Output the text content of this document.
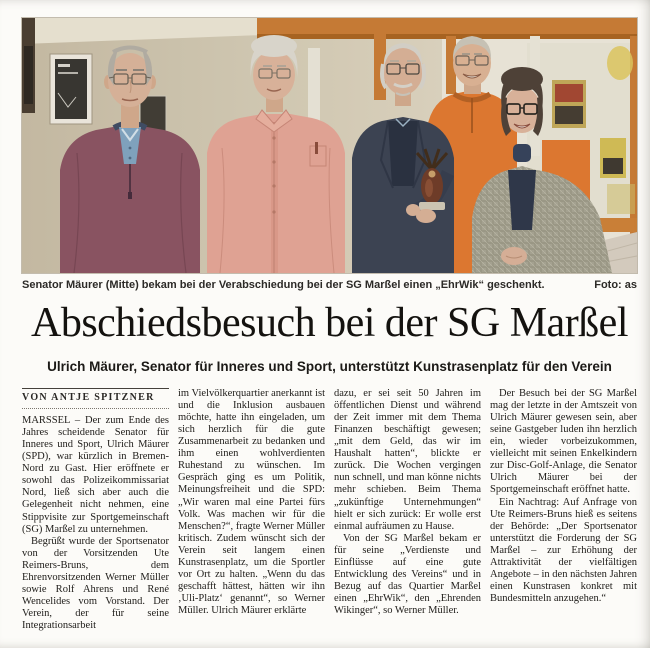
Senator Mäurer (Mitte) bekam bei der Verabschiedung bei der SG Marßel einen „EhrWik“ geschenkt.	Foto: as
Abschiedsbesuch bei der SG Marßel
Ulrich Mäurer, Senator für Inneres und Sport, unterstützt Kunstrasenplatz für den Verein
VON ANTJE SPITZNER

MARSSEL – Der zum Ende des Jahres scheidende Senator für Inneres und Sport, Ulrich Mäurer (SPD), war kürzlich in Bremen-Nord zu Gast. Hier eröffnete er sowohl das Polizeikommissariat Nord, ließ sich aber auch die Gelegenheit nicht nehmen, eine Stippvisite zur Sportgemeinschaft (SG) Marßel zu unternehmen.

Begrüßt wurde der Sportsenator von der Vorsitzenden Ute Reimers-Bruns, dem Ehrenvorsitzenden Werner Müller sowie Rolf Ahrens und René Wencelides vom Vorstand. Der Verein, der für seine Integrationsarbeit

im Vielvölkerquartier anerkannt ist und die Inklusion ausbauen möchte, hatte ihn eingeladen, um sich herzlich für die gute Zusammenarbeit zu bedanken und ihm einen wohlverdienten Ruhestand zu wünschen. Im Gespräch ging es um Politik, Meinungsfreiheit und die SPD: „Wir waren mal eine Partei fürs Volk. Was machen wir für die Menschen?“, fragte Werner Müller kritisch. Zudem wünscht sich der Verein seit langem einen Kunstrasenplatz, um die Sportler vor Ort zu halten. „Wenn du das geschafft hättest, hätten wir ihn ‚Uli-Platz‘ genannt“, so Werner Müller. Ulrich Mäurer erklärte

dazu, er sei seit 50 Jahren im öffentlichen Dienst und während der Zeit immer mit dem Thema Finanzen beschäftigt gewesen; „mit dem Geld, das wir im Haushalt hatten“, blickte er zurück. Die Wochen vergingen nun schnell, und man könne nichts mehr schieben. Beim Thema „zukünftige Unternehmungen“ hielt er sich zurück: Er wolle erst einmal aufräumen zu Hause.

Von der SG Marßel bekam er für seine „Verdienste und Einflüsse auf eine gute Entwicklung des Vereins“ und in Bezug auf das Quartier Marßel einen „EhrWik“, den „Ehrenden Wikinger“, so Werner Müller.

Der Besuch bei der SG Marßel mag der letzte in der Amtszeit von Ulrich Mäurer gewesen sein, aber seine Gastgeber luden ihn herzlich ein, wieder vorbeizukommen, vielleicht mit seinen Enkelkindern zur Disc-Golf-Anlage, die Senator Ulrich Mäurer bei der Sportgemeinschaft eröffnet hatte.

Ein Nachtrag: Auf Anfrage von Ute Reimers-Bruns hieß es seitens der Behörde: „Der Sportsenator unterstützt die Forderung der SG Marßel – zur Erhöhung der Attraktivität der vielfältigen Angebote – in den nächsten Jahren einen Kunstrasen konkret mit Bundesmitteln anzugehen.“
